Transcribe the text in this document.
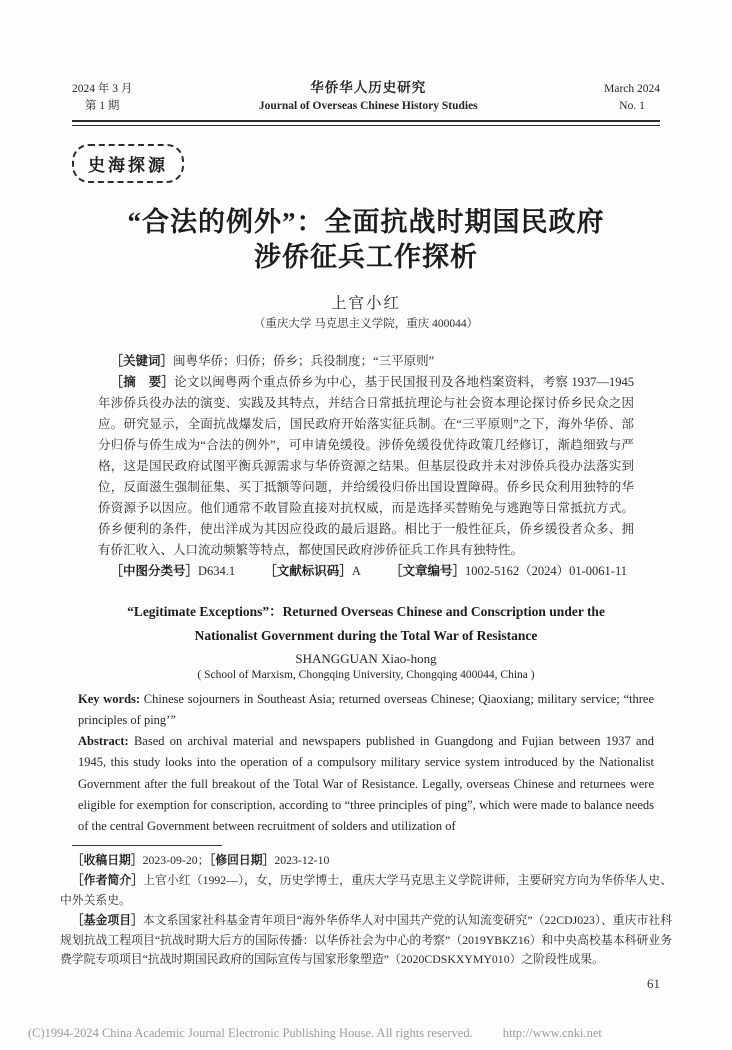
2024 年 3 月
第 1 期
华侨华人历史研究
Journal of Overseas Chinese History Studies
March 2024
No. 1
史海探源
“合法的例外”：全面抗战时期国民政府
涉侨征兵工作探析
上官小红
（重庆大学 马克思主义学院，重庆 400044）

［关键词］闽粤华侨；归侨；侨乡；兵役制度；“三平原则”

［摘　要］论文以闽粤两个重点侨乡为中心，基于民国报刊及各地档案资料，考察 1937—1945 年涉侨兵役办法的演变、实践及其特点，并结合日常抵抗理论与社会资本理论探讨侨乡民众之因应。研究显示，全面抗战爆发后，国民政府开始落实征兵制。在“三平原则”之下，海外华侨、部分归侨与侨生成为“合法的例外”，可申请免缓役。涉侨免缓役优待政策几经修订，渐趋细致与严格，这是国民政府试图平衡兵源需求与华侨资源之结果。但基层役政并未对涉侨兵役办法落实到位，反面滋生强制征集、买丁抵额等问题，并给缓役归侨出国设置障碍。侨乡民众利用独特的华侨资源予以因应。他们通常不敢冒险直接对抗权威，而是选择买替贿免与逃跑等日常抵抗方式。侨乡便利的条件，使出洋成为其因应役政的最后退路。相比于一般性征兵，侨乡缓役者众多、拥有侨汇收入、人口流动频繁等特点，都使国民政府涉侨征兵工作具有独特性。

［中图分类号］D634.1 ［文献标识码］A ［文章编号］1002-5162（2024）01-0061-11

“Legitimate Exceptions”：Returned Overseas Chinese and Conscription under the
Nationalist Government during the Total War of Resistance
SHANGGUAN Xiao-hong
( School of Marxism, Chongqing University, Chongqing 400044, China )

Key words: Chinese sojourners in Southeast Asia; returned overseas Chinese; Qiaoxiang; military service; “three principles of ping’”

Abstract: Based on archival material and newspapers published in Guangdong and Fujian between 1937 and 1945, this study looks into the operation of a compulsory military service system introduced by the Nationalist Government after the full breakout of the Total War of Resistance. Legally, overseas Chinese and returnees were eligible for exemption for conscription, according to “three principles of ping”, which were made to balance needs of the central Government between recruitment of solders and utilization of

［收稿日期］2023-09-20；［修回日期］2023-12-10

［作者简介］上官小红（1992—），女，历史学博士，重庆大学马克思主义学院讲师，主要研究方向为华侨华人史、中外关系史。

［基金项目］本文系国家社科基金青年项目“海外华侨华人对中国共产党的认知流变研究”（22CDJ023）、重庆市社科规划抗战工程项目“抗战时期大后方的国际传播：以华侨社会为中心的考察”（2019YBKZ16）和中央高校基本科研业务费学院专项项目“抗战时期国民政府的国际宣传与国家形象塑造”（2020CDSKXYMY010）之阶段性成果。

61
(C)1994-2024 China Academic Journal Electronic Publishing House. All rights reserved. http://www.cnki.net
